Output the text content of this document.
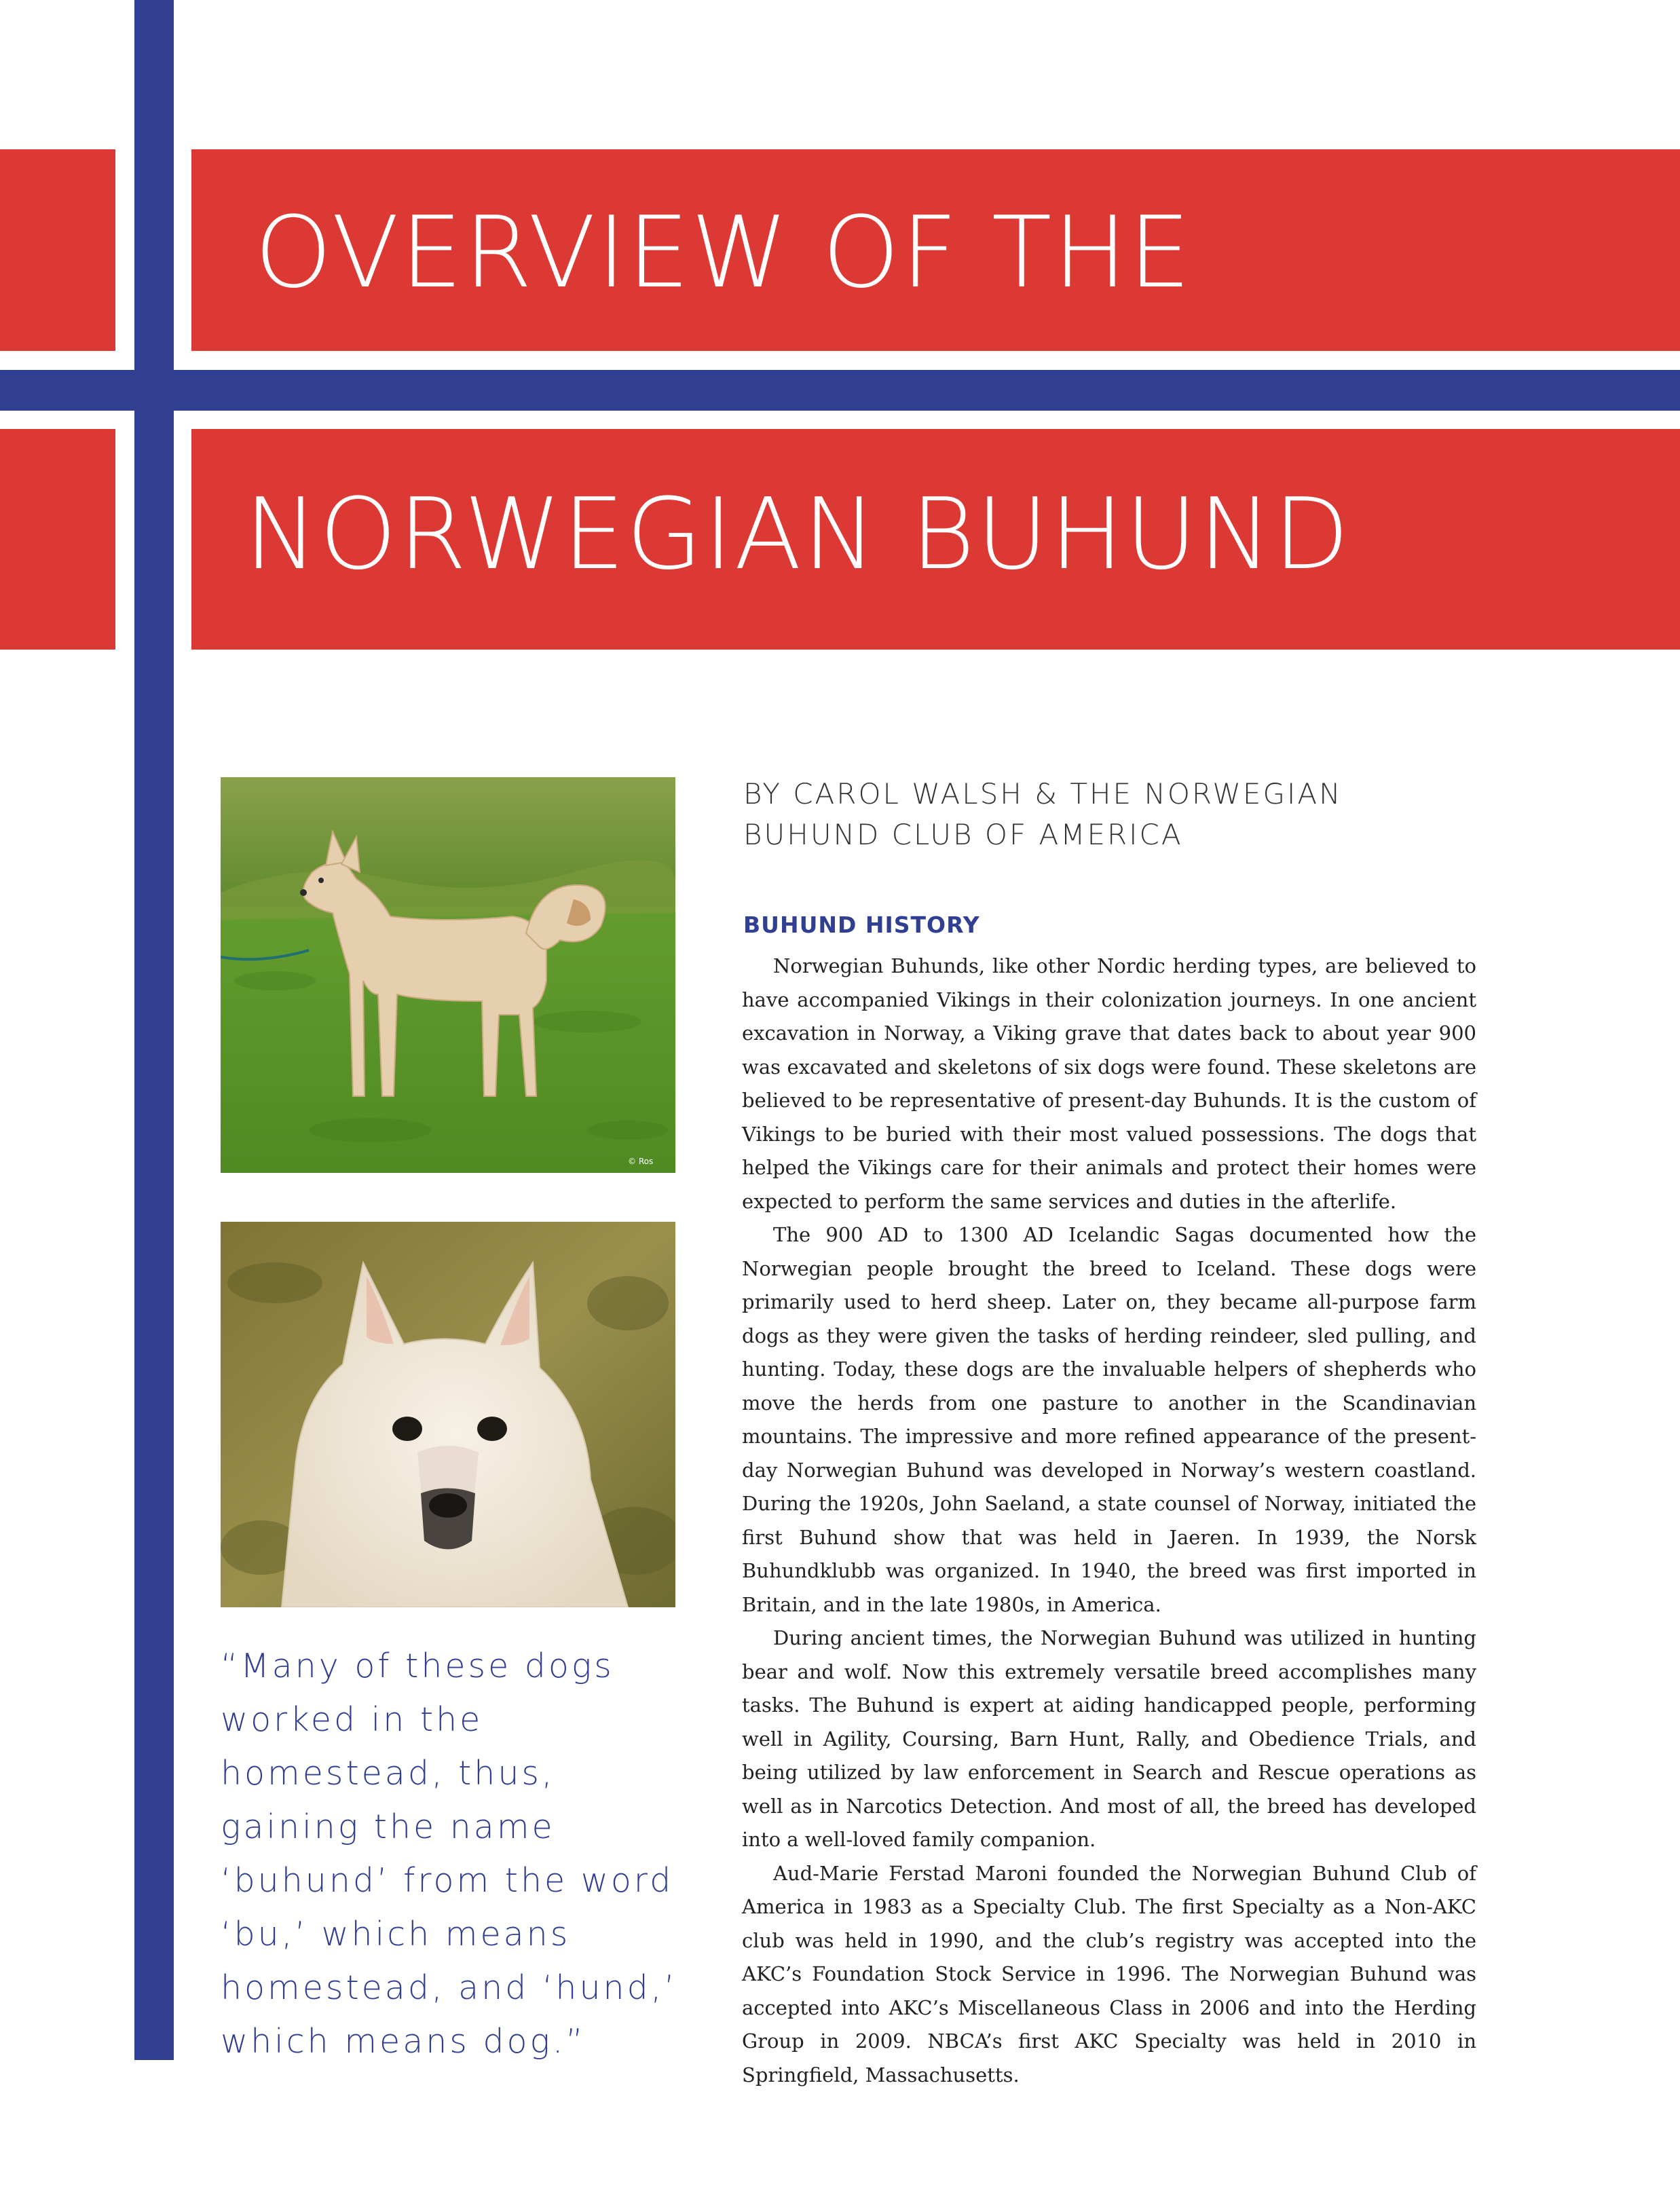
OVERVIEW OF THE
NORWEGIAN BUHUND
© Ros

“Many of these dogs worked in the homestead, thus, gaining the name ‘buhund’ from the word ‘bu,’ which means homestead, and ‘hund,’ which means dog.”

BY CAROL WALSH & THE NORWEGIAN
BUHUND CLUB OF AMERICA
BUHUND HISTORY

Norwegian Buhunds, like other Nordic herding types, are believed to have accompanied Vikings in their colonization journeys. In one ancient excavation in Norway, a Viking grave that dates back to about year 900 was excavated and skeletons of six dogs were found. These skeletons are believed to be representative of present-day Buhunds. It is the custom of Vikings to be buried with their most valued possessions. The dogs that helped the Vikings care for their animals and protect their homes were expected to perform the same services and duties in the afterlife.

The 900 AD to 1300 AD Icelandic Sagas documented how the Norwegian people brought the breed to Iceland. These dogs were primarily used to herd sheep. Later on, they became all-purpose farm dogs as they were given the tasks of herding reindeer, sled pulling, and hunting. Today, these dogs are the invaluable helpers of shepherds who move the herds from one pasture to another in the Scandinavian mountains. The impressive and more refined appearance of the present-day Norwegian Buhund was developed in Norway’s western coastland. During the 1920s, John Saeland, a state counsel of Norway, initiated the first Buhund show that was held in Jaeren. In 1939, the Norsk Buhundklubb was organized. In 1940, the breed was first imported in Britain, and in the late 1980s, in America.

During ancient times, the Norwegian Buhund was utilized in hunting bear and wolf. Now this extremely versatile breed accomplishes many tasks. The Buhund is expert at aiding handicapped people, performing well in Agility, Coursing, Barn Hunt, Rally, and Obedience Trials, and being utilized by law enforcement in Search and Rescue operations as well as in Narcotics Detection. And most of all, the breed has developed into a well-loved family companion.

Aud-Marie Ferstad Maroni founded the Norwegian Buhund Club of America in 1983 as a Specialty Club. The first Specialty as a Non-AKC club was held in 1990, and the club’s registry was accepted into the AKC’s Foundation Stock Service in 1996. The Norwegian Buhund was accepted into AKC’s Miscellaneous Class in 2006 and into the Herding Group in 2009. NBCA’s first AKC Specialty was held in 2010 in Springfield, Massachusetts.
